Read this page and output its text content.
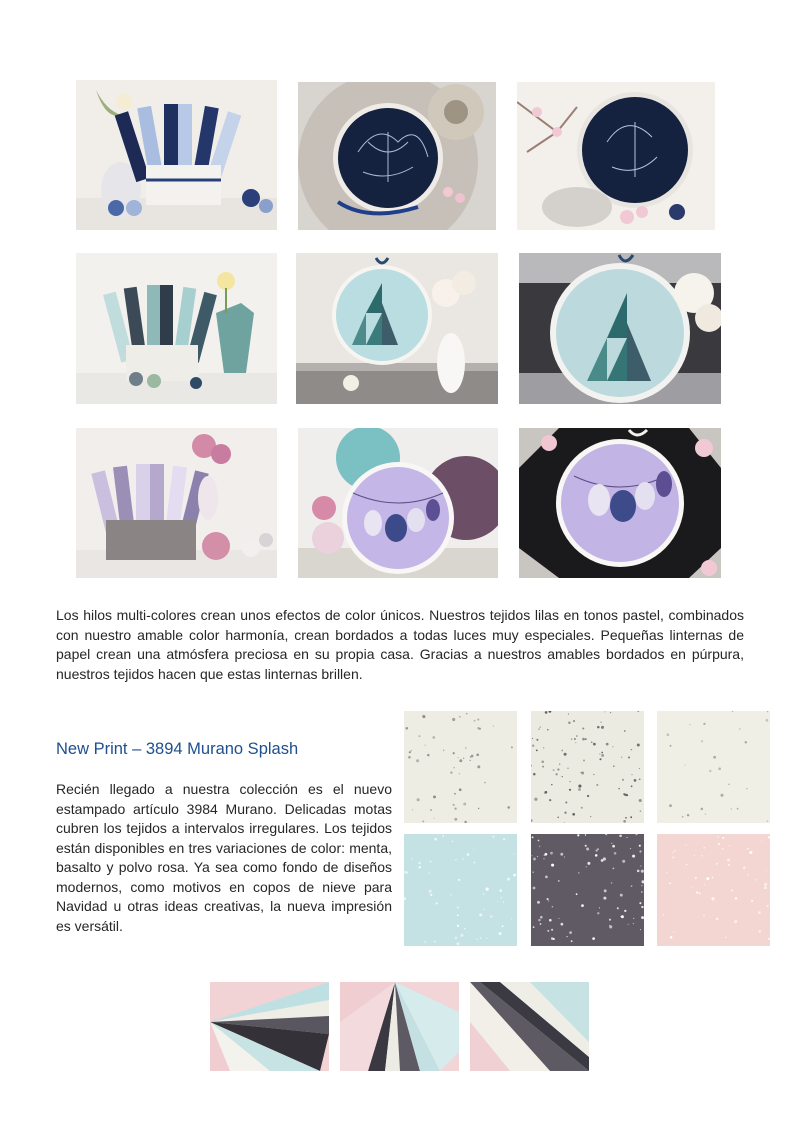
Los hilos multi-colores crean unos efectos de color únicos. Nuestros tejidos lilas en tonos pastel, combinados con nuestro amable color harmonía, crean bordados a todas luces muy especiales. Pequeñas linternas de papel crean una atmósfera preciosa en su propia casa. Gracias a nuestros amables bordados en púrpura, nuestros tejidos hacen que estas linternas brillen.

New Print – 3894 Murano Splash

Recién llegado a nuestra colección es el nuevo estampado artículo 3984 Murano. Delicadas motas cubren los tejidos a intervalos irregulares. Los tejidos están disponibles en tres variaciones de color: menta, basalto y polvo rosa. Ya sea como fondo de diseños modernos, como motivos en copos de nieve para Navidad u otras ideas creativas, la nueva impresión es versátil.
